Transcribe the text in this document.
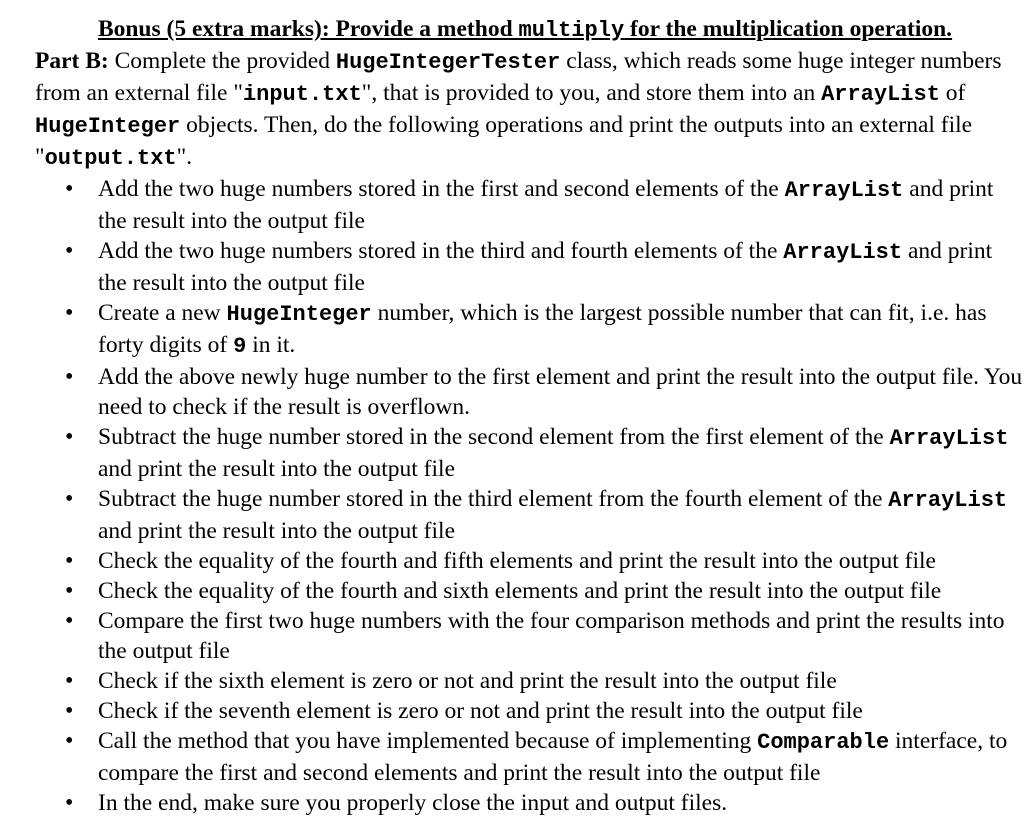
Bonus (5 extra marks): Provide a method multiply for the multiplication operation.
Part B: Complete the provided HugeIntegerTester class, which reads some huge integer numbers from an external file "input.txt", that is provided to you, and store them into an ArrayList of HugeInteger objects. Then, do the following operations and print the outputs into an external file "output.txt".
• Add the two huge numbers stored in the first and second elements of the ArrayList and print the result into the output file
• Add the two huge numbers stored in the third and fourth elements of the ArrayList and print the result into the output file
• Create a new HugeInteger number, which is the largest possible number that can fit, i.e. has forty digits of 9 in it.
• Add the above newly huge number to the first element and print the result into the output file. You need to check if the result is overflown.
• Subtract the huge number stored in the second element from the first element of the ArrayList and print the result into the output file
• Subtract the huge number stored in the third element from the fourth element of the ArrayList and print the result into the output file
• Check the equality of the fourth and fifth elements and print the result into the output file
• Check the equality of the fourth and sixth elements and print the result into the output file
• Compare the first two huge numbers with the four comparison methods and print the results into the output file
• Check if the sixth element is zero or not and print the result into the output file
• Check if the seventh element is zero or not and print the result into the output file
• Call the method that you have implemented because of implementing Comparable interface, to compare the first and second elements and print the result into the output file
• In the end, make sure you properly close the input and output files.
